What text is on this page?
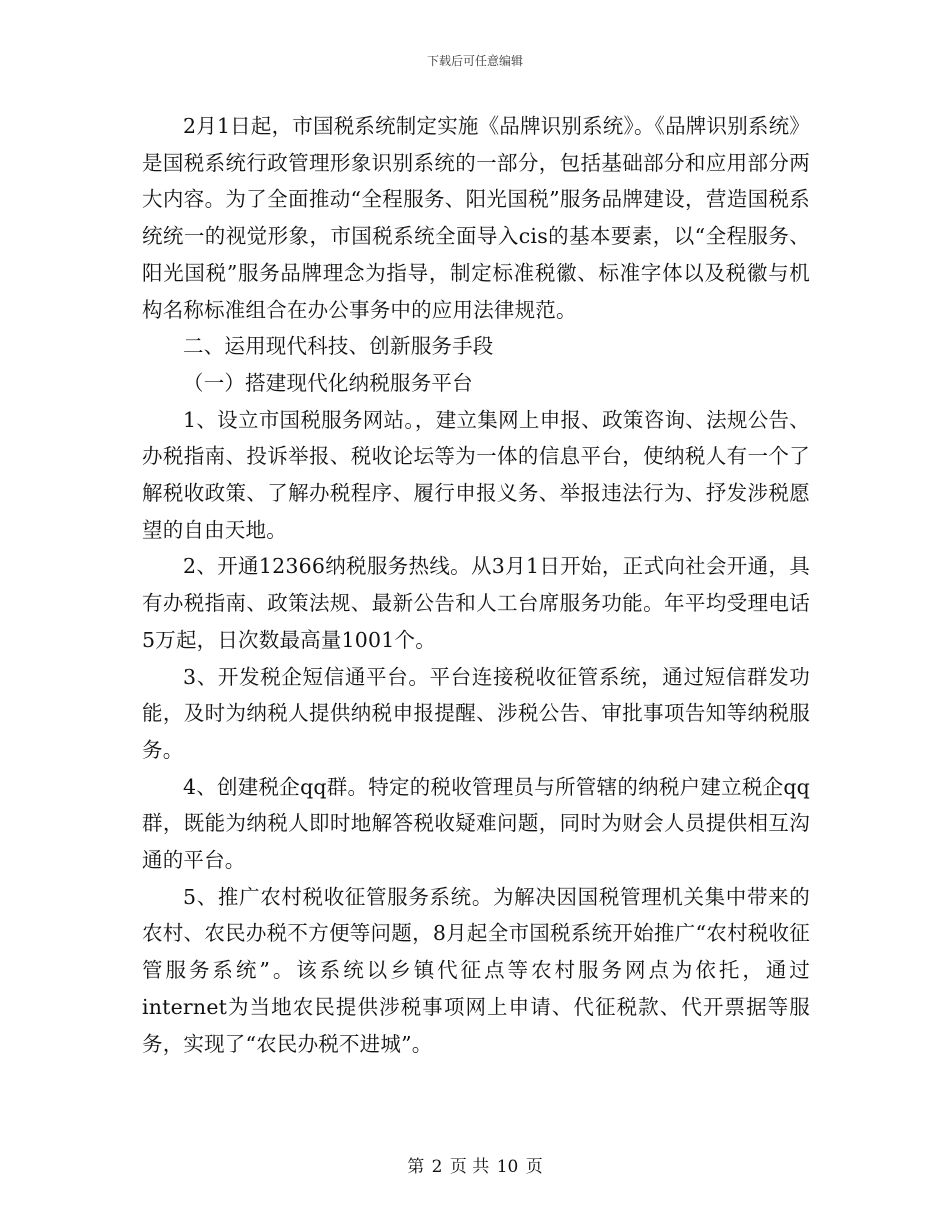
下载后可任意编辑

2月1日起，市国税系统制定实施《品牌识别系统》。《品牌识别系统》是国税系统行政管理形象识别系统的一部分，包括基础部分和应用部分两大内容。为了全面推动“全程服务、阳光国税”服务品牌建设，营造国税系统统一的视觉形象，市国税系统全面导入cis的基本要素，以“全程服务、阳光国税”服务品牌理念为指导，制定标准税徽、标准字体以及税徽与机构名称标准组合在办公事务中的应用法律规范。

二、运用现代科技、创新服务手段

（一）搭建现代化纳税服务平台

1、设立市国税服务网站。，建立集网上申报、政策咨询、法规公告、办税指南、投诉举报、税收论坛等为一体的信息平台，使纳税人有一个了解税收政策、了解办税程序、履行申报义务、举报违法行为、抒发涉税愿望的自由天地。

2、开通12366纳税服务热线。从3月1日开始，正式向社会开通，具有办税指南、政策法规、最新公告和人工台席服务功能。年平均受理电话5万起，日次数最高量1001个。

3、开发税企短信通平台。平台连接税收征管系统，通过短信群发功能，及时为纳税人提供纳税申报提醒、涉税公告、审批事项告知等纳税服务。

4、创建税企qq群。特定的税收管理员与所管辖的纳税户建立税企qq群，既能为纳税人即时地解答税收疑难问题，同时为财会人员提供相互沟通的平台。

5、推广农村税收征管服务系统。为解决因国税管理机关集中带来的农村、农民办税不方便等问题，8月起全市国税系统开始推广“农村税收征管服务系统”。该系统以乡镇代征点等农村服务网点为依托，通过internet为当地农民提供涉税事项网上申请、代征税款、代开票据等服务，实现了“农民办税不进城”。

第 2 页 共 10 页
